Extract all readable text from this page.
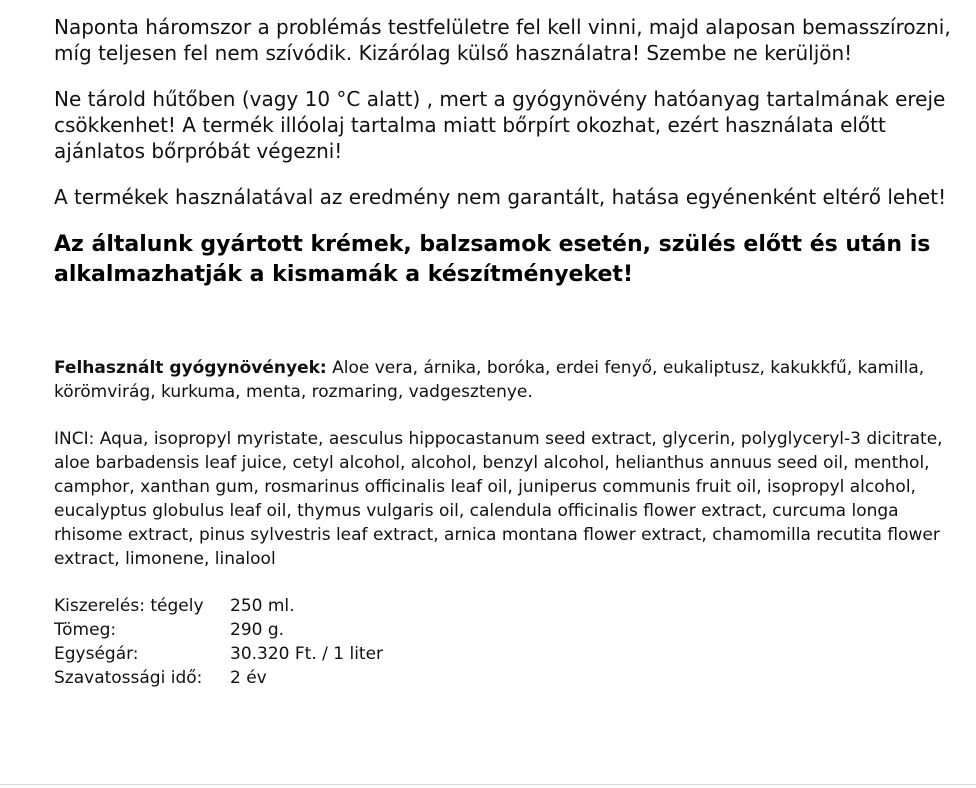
Naponta háromszor a problémás testfelületre fel kell vinni, majd alaposan bemasszírozni, míg teljesen fel nem szívódik. Kizárólag külső használatra! Szembe ne kerüljön!

Ne tárold hűtőben (vagy 10 °C alatt) , mert a gyógynövény hatóanyag tartalmának ereje csökkenhet! A termék illóolaj tartalma miatt bőrpírt okozhat, ezért használata előtt ajánlatos bőrpróbát végezni!

A termékek használatával az eredmény nem garantált, hatása egyénenként eltérő lehet!

Az általunk gyártott krémek, balzsamok esetén, szülés előtt és után is alkalmazhatják a kismamák a készítményeket!

Felhasznált gyógynövények: Aloe vera, árnika, boróka, erdei fenyő, eukaliptusz, kakukkfű, kamilla, körömvirág, kurkuma, menta, rozmaring, vadgesztenye.

INCI: Aqua, isopropyl myristate, aesculus hippocastanum seed extract, glycerin, polyglyceryl-3 dicitrate, aloe barbadensis leaf juice, cetyl alcohol, alcohol, benzyl alcohol, helianthus annuus seed oil, menthol, camphor, xanthan gum, rosmarinus officinalis leaf oil, juniperus communis fruit oil, isopropyl alcohol, eucalyptus globulus leaf oil, thymus vulgaris oil, calendula officinalis flower extract, curcuma longa rhisome extract, pinus sylvestris leaf extract, arnica montana flower extract, chamomilla recutita flower extract, limonene, linalool

Kiszerelés: tégely	250 ml.
Tömeg:	290 g.
Egységár:	30.320 Ft. / 1 liter
Szavatossági idő:	2 év
